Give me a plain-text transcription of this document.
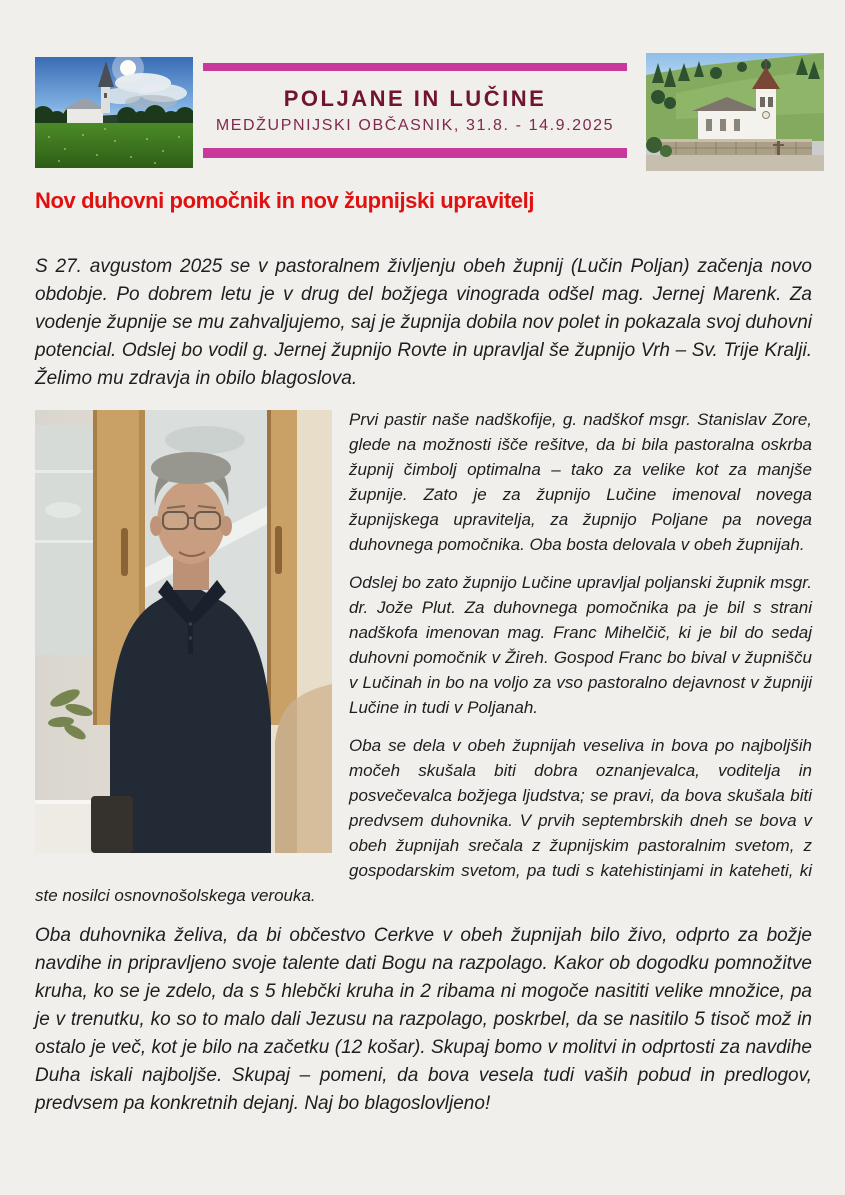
POLJANE IN LUČINE
MEDŽUPNIJSKI OBČASNIK, 31.8. - 14.9.2025
Nov duhovni pomočnik in nov župnijski upravitelj

S 27. avgustom 2025 se v pastoralnem življenju obeh župnij (Lučin Poljan) začenja novo obdobje. Po dobrem letu je v drug del božjega vinograda odšel mag. Jernej Marenk. Za vodenje župnije se mu zahvaljujemo, saj je župnija dobila nov polet in pokazala svoj duhovni potencial. Odslej bo vodil g. Jernej župnijo Rovte in upravljal še župnijo Vrh – Sv. Trije Kralji. Želimo mu zdravja in obilo blagoslova.

Prvi pastir naše nadškofije, g. nadškof msgr. Stanislav Zore, glede na možnosti išče rešitve, da bi bila pastoralna oskrba župnij čimbolj optimalna – tako za velike kot za manjše župnije. Zato je za župnijo Lučine imenoval novega župnijskega upravitelja, za župnijo Poljane pa novega duhovnega pomočnika. Oba bosta delovala v obeh župnijah.

Odslej bo zato župnijo Lučine upravljal poljanski župnik msgr. dr. Jože Plut. Za duhovnega pomočnika pa je bil s strani nadškofa imenovan mag. Franc Mihelčič, ki je bil do sedaj duhovni pomočnik v Žireh. Gospod Franc bo bival v župnišču v Lučinah in bo na voljo za vso pastoralno dejavnost v župniji Lučine in tudi v Poljanah.

Oba se dela v obeh župnijah veseliva in bova po najboljših močeh skušala biti dobra oznanjevalca, voditelja in posvečevalca božjega ljudstva; se pravi, da bova skušala biti predvsem duhovnika. V prvih septembrskih dneh se bova v obeh župnijah srečala z župnijskim pastoralnim svetom, z gospodarskim svetom, pa tudi s katehistinjami in kateheti, ki ste nosilci osnovnošolskega verouka.

Oba duhovnika želiva, da bi občestvo Cerkve v obeh župnijah bilo živo, odprto za božje navdihe in pripravljeno svoje talente dati Bogu na razpolago. Kakor ob dogodku pomnožitve kruha, ko se je zdelo, da s 5 hlebčki kruha in 2 ribama ni mogoče nasititi velike množice, pa je v trenutku, ko so to malo dali Jezusu na razpolago, poskrbel, da se nasitilo 5 tisoč mož in ostalo je več, kot je bilo na začetku (12 košar). Skupaj bomo v molitvi in odprtosti za navdihe Duha iskali najboljše. Skupaj – pomeni, da bova vesela tudi vaših pobud in predlogov, predvsem pa konkretnih dejanj. Naj bo blagoslovljeno!
